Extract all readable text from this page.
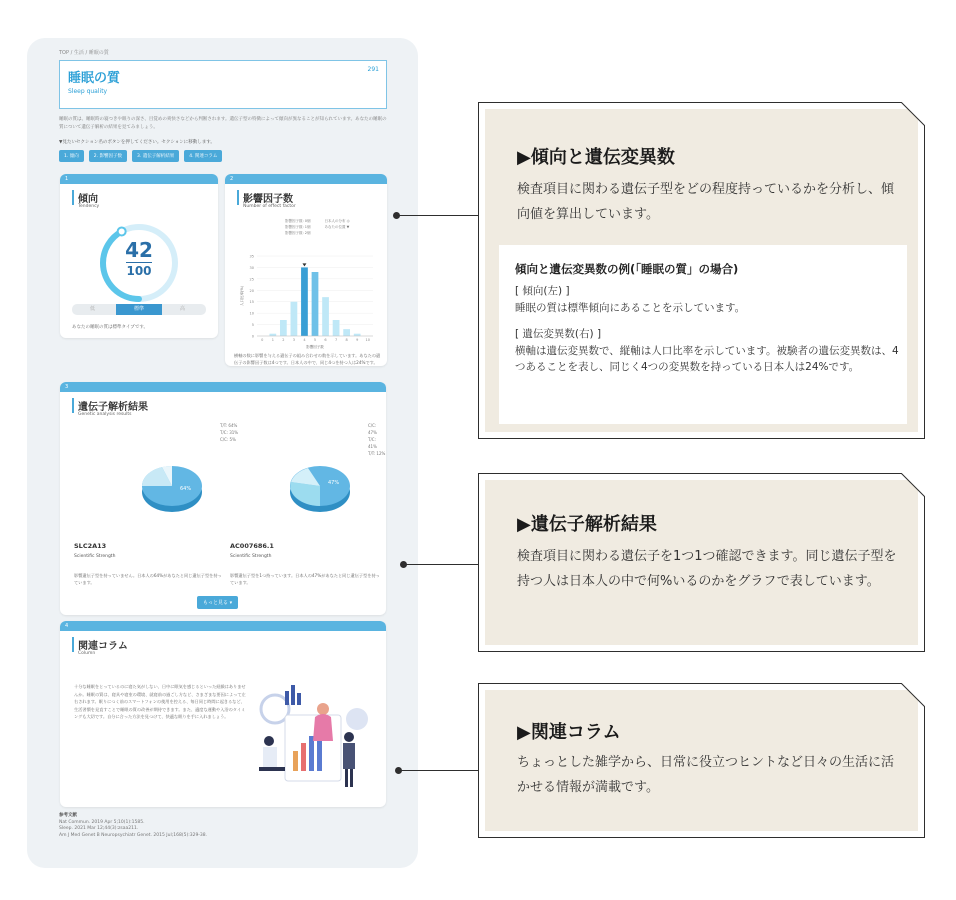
TOP / 生活 / 睡眠の質
睡眠の質
Sleep quality
291
睡眠の質は、睡眠時の寝つきや眠りの深さ、目覚めの爽快さなどから判断されます。遺伝子型の特徴によって傾向が異なることが知られています。あなたの睡眠の質について遺伝子解析の結果を見てみましょう。
▼見たいセクション名のボタンを押してください。セクションに移動します。
1. 傾向	2. 影響因子数	3. 遺伝子解析結果	4. 関連コラム
1
傾向
Tendency
42
100
低	標準	高
あなたの睡眠の質は標準タイプです。
2
影響因子数
Number of effect factor
影響因子数: 0個
影響因子数: 1個
影響因子数: 2個
日本人の分布 ◎
あなたの位置 ▼
0
5
10
15
20
25
30
35
0 1 2 3 4 5 6 7 8 9 10
影響因子数
人口比率(%)
横軸の数に影響を与える遺伝子の組み合わせの数を示しています。あなたの遺伝子の影響因子数は4つです。日本人の中で、同じ4つを持つ人は24%です。
3
遺伝子解析結果
Genetic analysis results
T/T: 64%
T/C: 31%
C/C: 5%
C/C: 47%
T/C: 41%
T/T: 12%
64%
47%
SLC2A13
Scientific Strength
影響遺伝子型を持っていません。日本人の64%があなたと同じ遺伝子型を持っています。
AC007686.1
Scientific Strength
影響遺伝子型を1つ持っています。日本人の47%があなたと同じ遺伝子型を持っています。
もっと見る ▾
4
関連コラム
Column
十分な睡眠をとっているのに寝た気がしない、日中に眠気を感じるといった経験はありませんか。睡眠の質は、寝具や寝室の環境、就寝前の過ごし方など、さまざまな要因によって左右されます。眠りにつく前のスマートフォンの使用を控える、毎日同じ時間に起きるなど、生活習慣を見直すことで睡眠の質の改善が期待できます。また、適度な運動や入浴のタイミングも大切です。自分に合った方法を見つけて、快適な眠りを手に入れましょう。
参考文献
Nat Commun. 2019 Apr 5;10(1):1585.
Sleep. 2021 Mar 12;44(3):zsaa211.
Am J Med Genet B Neuropsychiatr Genet. 2015 Jul;168(5):329-38.
▶傾向と遺伝変異数
検査項目に関わる遺伝子型をどの程度持っているかを分析し、傾向値を算出しています。
傾向と遺伝変異数の例(「睡眠の質」の場合)
[ 傾向(左) ]
睡眠の質は標準傾向にあることを示しています。
[ 遺伝変異数(右) ]
横軸は遺伝変異数で、縦軸は人口比率を示しています。被験者の遺伝変異数は、4つあることを表し、同じく4つの変異数を持っている日本人は24%です。
▶遺伝子解析結果
検査項目に関わる遺伝子を1つ1つ確認できます。同じ遺伝子型を持つ人は日本人の中で何%いるのかをグラフで表しています。
▶関連コラム
ちょっとした雑学から、日常に役立つヒントなど日々の生活に活かせる情報が満載です。
